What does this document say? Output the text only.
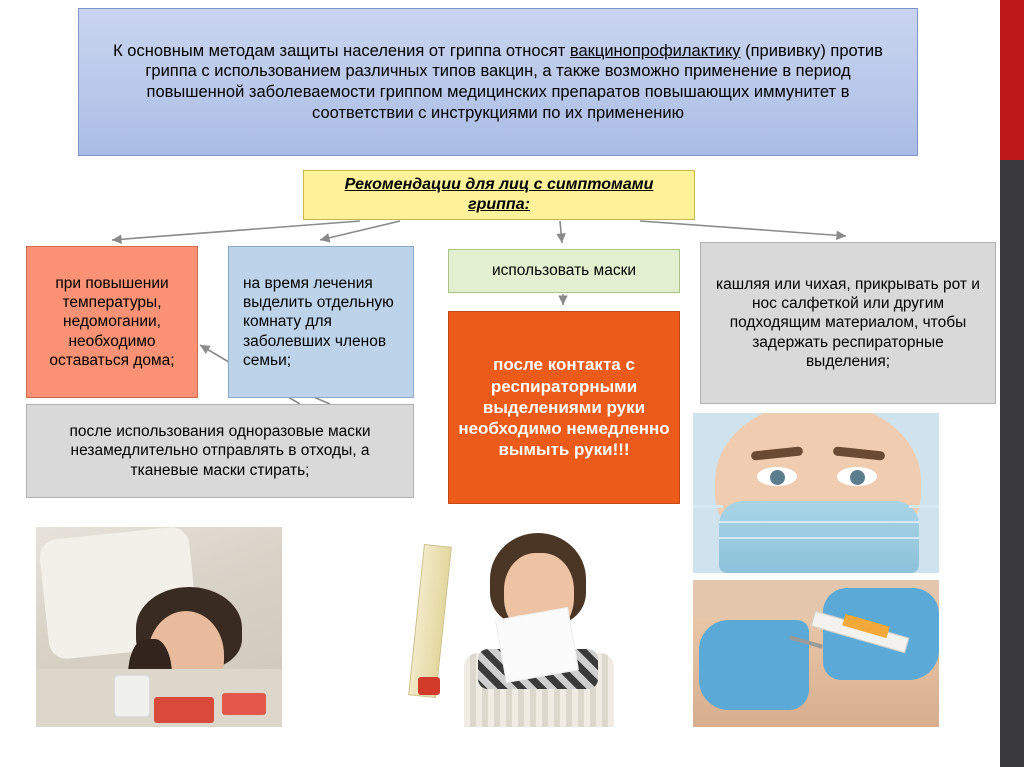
К основным методам защиты населения от гриппа относят вакцинопрофилактику (прививку) против гриппа с использованием различных типов вакцин, а также возможно применение в период повышенной заболеваемости гриппом медицинских препаратов повышающих иммунитет в соответствии с инструкциями по их применению
Рекомендации для лиц с симптомами гриппа:
при повышении температуры, недомогании, необходимо оставаться дома;
на время лечения выделить отдельную комнату для заболевших членов семьи;
использовать маски
кашляя или чихая, прикрывать рот и нос салфеткой или другим подходящим материалом, чтобы задержать респираторные выделения;
после контакта с респираторными выделениями руки необходимо немедленно вымыть руки!!!
после использования одноразовые маски незамедлительно отправлять в отходы, а тканевые маски стирать;
